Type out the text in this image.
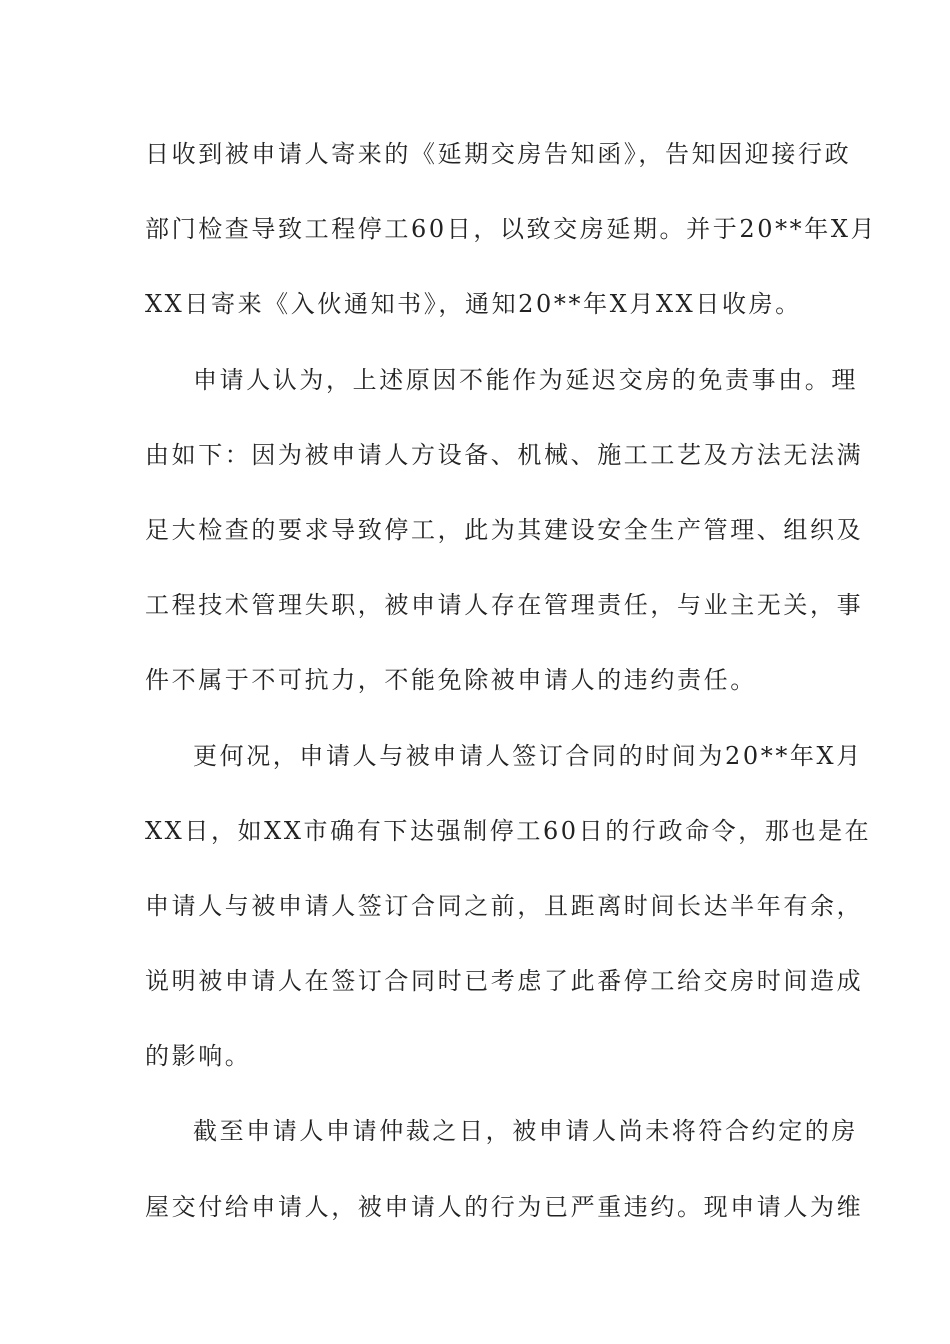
日收到被申请人寄来的《延期交房告知函》，告知因迎接行政
部门检查导致工程停工60日，以致交房延期。并于20**年X月
XX日寄来《入伙通知书》，通知20**年X月XX日收房。
申请人认为，上述原因不能作为延迟交房的免责事由。理
由如下：因为被申请人方设备、机械、施工工艺及方法无法满
足大检查的要求导致停工，此为其建设安全生产管理、组织及
工程技术管理失职，被申请人存在管理责任，与业主无关，事
件不属于不可抗力，不能免除被申请人的违约责任。
更何况，申请人与被申请人签订合同的时间为20**年X月
XX日，如XX市确有下达强制停工60日的行政命令，那也是在
申请人与被申请人签订合同之前，且距离时间长达半年有余，
说明被申请人在签订合同时已考虑了此番停工给交房时间造成
的影响。
截至申请人申请仲裁之日，被申请人尚未将符合约定的房
屋交付给申请人，被申请人的行为已严重违约。现申请人为维
